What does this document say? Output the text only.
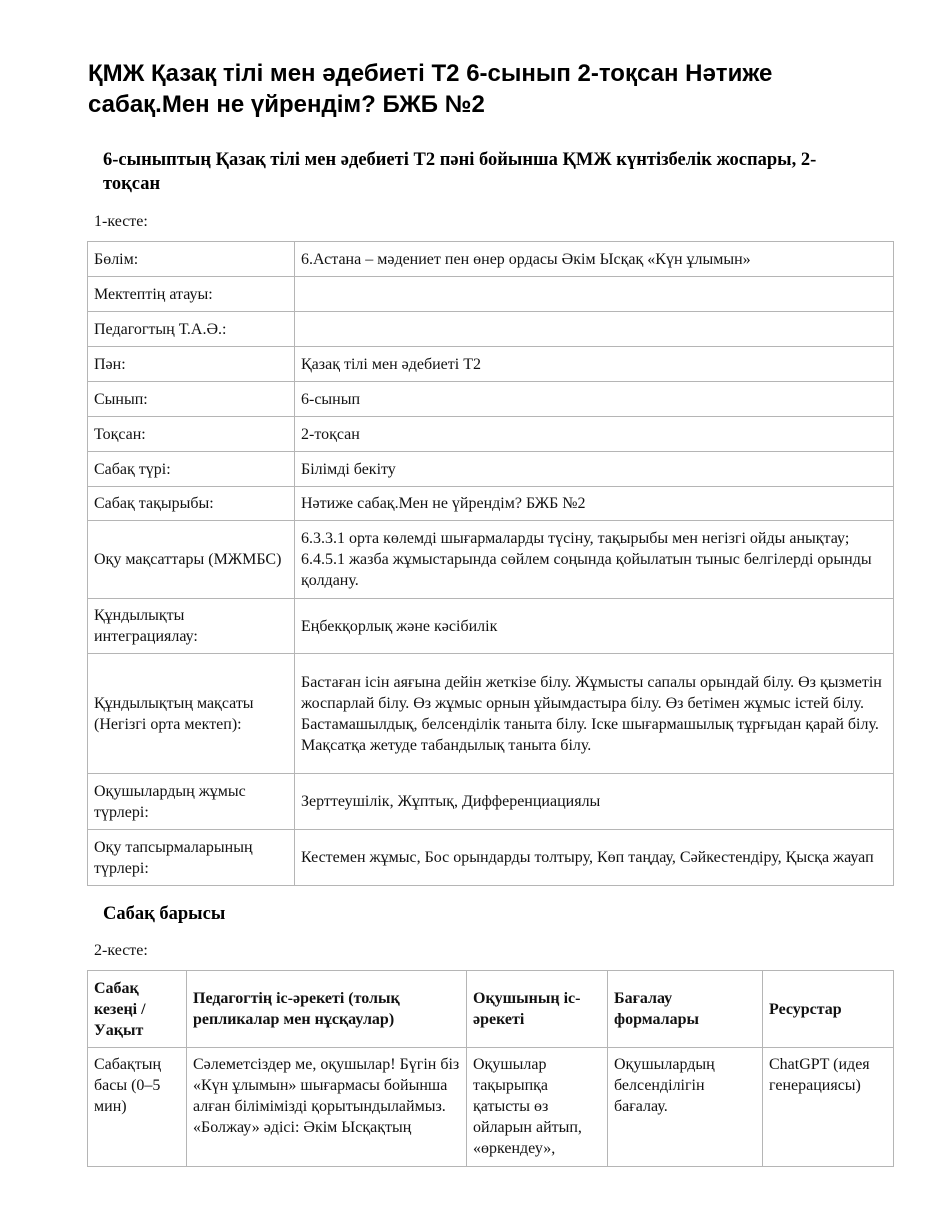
ҚМЖ Қазақ тілі мен әдебиеті Т2 6-сынып 2-тоқсан Нәтиже сабақ.Мен не үйрендім? БЖБ №2

6-сыныптың Қазақ тілі мен әдебиеті Т2 пәні бойынша ҚМЖ күнтізбелік жоспары, 2-тоқсан

1-кесте:

Бөлім:	6.Астана – мәдениет пен өнер ордасы Әкім Ысқақ «Күн ұлымын»
Мектептің атауы:	
Педагогтың Т.А.Ә.:	
Пән:	Қазақ тілі мен әдебиеті Т2
Сынып:	6-сынып
Тоқсан:	2-тоқсан
Сабақ түрі:	Білімді бекіту
Сабақ тақырыбы:	Нәтиже сабақ.Мен не үйрендім? БЖБ №2
Оқу мақсаттары (МЖМБС)	6.3.3.1 орта көлемді шығармаларды түсіну, тақырыбы мен негізгі ойды анықтау; 6.4.5.1 жазба жұмыстарында сөйлем соңында қойылатын тыныс белгілерді орынды қолдану.
Құндылықты интеграциялау:	Еңбекқорлық және кәсібилік
Құндылықтың мақсаты (Негізгі орта мектеп):	Бастаған ісін аяғына дейін жеткізе білу. Жұмысты сапалы орындай білу. Өз қызметін жоспарлай білу. Өз жұмыс орнын ұйымдастыра білу. Өз бетімен жұмыс істей білу. Бастамашылдық, белсенділік таныта білу. Іске шығармашылық тұрғыдан қарай білу. Мақсатқа жетуде табандылық таныта білу.
Оқушылардың жұмыс түрлері:	Зерттеушілік, Жұптық, Дифференциациялы
Оқу тапсырмаларының түрлері:	Кестемен жұмыс, Бос орындарды толтыру, Көп таңдау, Сәйкестендіру, Қысқа жауап

Сабақ барысы

2-кесте:

Сабақ кезеңі / Уақыт	Педагогтің іс-әрекеті (толық репликалар мен нұсқаулар)	Оқушының іс-әрекеті	Бағалау формалары	Ресурстар
Сабақтың басы (0–5 мин)	Сәлеметсіздер ме, оқушылар! Бүгін біз «Күн ұлымын» шығармасы бойынша алған білімімізді қорытындылаймыз. «Болжау» әдісі: Әкім Ысқақтың	Оқушылар тақырыпқа қатысты өз ойларын айтып, «өркендеу»,	Оқушылардың белсенділігін бағалау.	ChatGPT (идея генерациясы)
